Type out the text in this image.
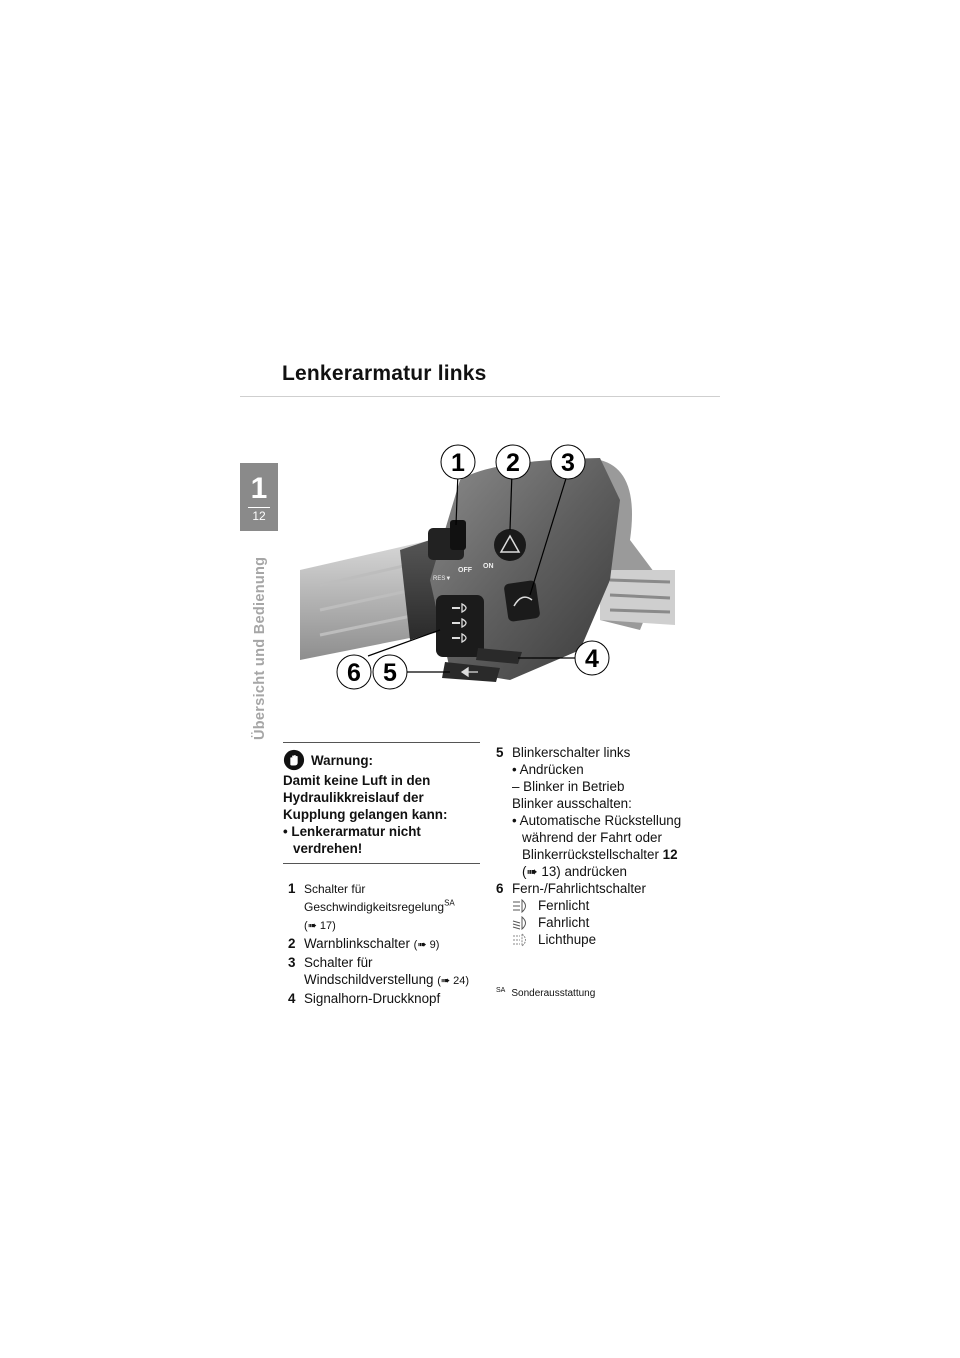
Lenkerarmatur links
1
12
Übersicht und Bedienung	RES▼
OFF
ON
1 2 3
4
5
6
Warnung:
Damit keine Luft in den Hydraulikkreislauf der Kupplung gelangen kann:
• Lenkerarmatur nicht verdrehen!
1 Schalter für Geschwindigkeitsregelung$^{SA}$
(➠ 17)
2 Warnblinkschalter (➠ 9)
3 Schalter für Windschildverstellung (➠ 24)
4 Signalhorn-Druckknopf
5 Blinkerschalter links
• Andrücken
– Blinker in Betrieb
Blinker ausschalten:
• Automatische Rückstellung während der Fahrt oder Blinkerrückstellschalter 12 (➠ 13) andrücken
6 Fern-/Fahrlichtschalter
Fernlicht
Fahrlicht
Lichthupe
$^{SA}$ Sonderausstattung
